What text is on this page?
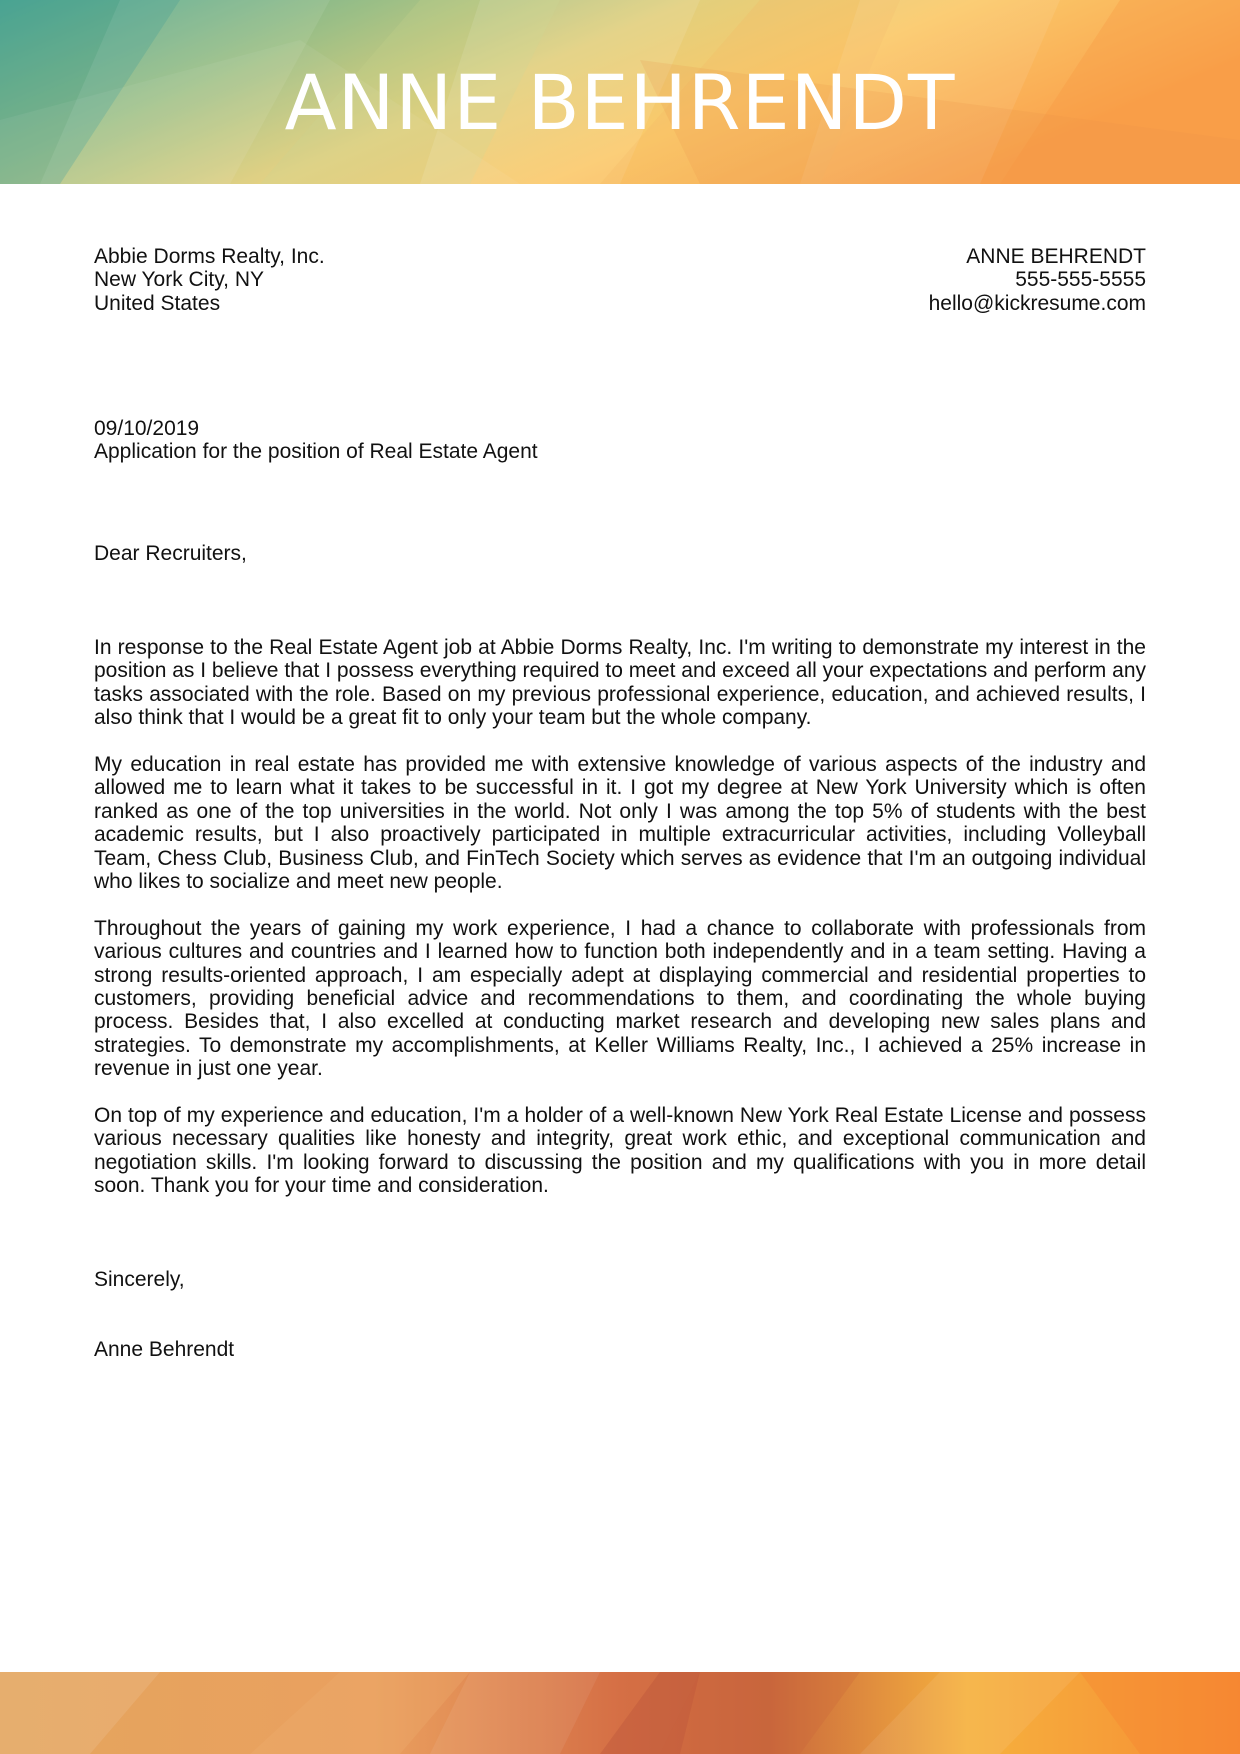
ANNE BEHRENDT
Abbie Dorms Realty, Inc.
New York City, NY
United States
ANNE BEHRENDT
555-555-5555
hello@kickresume.com
09/10/2019
Application for the position of Real Estate Agent
Dear Recruiters,

In response to the Real Estate Agent job at Abbie Dorms Realty, Inc. I'm writing to demonstrate my interest in the position as I believe that I possess everything required to meet and exceed all your expectations and perform any tasks associated with the role. Based on my previous professional experience, education, and achieved results, I also think that I would be a great fit to only your team but the whole company.

My education in real estate has provided me with extensive knowledge of various aspects of the industry and allowed me to learn what it takes to be successful in it. I got my degree at New York University which is often ranked as one of the top universities in the world. Not only I was among the top 5% of students with the best academic results, but I also proactively participated in multiple extracurricular activities, including Volleyball Team, Chess Club, Business Club, and FinTech Society which serves as evidence that I'm an outgoing individual who likes to socialize and meet new people.

Throughout the years of gaining my work experience, I had a chance to collaborate with professionals from various cultures and countries and I learned how to function both independently and in a team setting. Having a strong results-oriented approach, I am especially adept at displaying commercial and residential properties to customers, providing beneficial advice and recommendations to them, and coordinating the whole buying process. Besides that, I also excelled at conducting market research and developing new sales plans and strategies. To demonstrate my accomplishments, at Keller Williams Realty, Inc., I achieved a 25% increase in revenue in just one year.

On top of my experience and education, I'm a holder of a well-known New York Real Estate License and possess various necessary qualities like honesty and integrity, great work ethic, and exceptional communication and negotiation skills. I'm looking forward to discussing the position and my qualifications with you in more detail soon. Thank you for your time and consideration.

Sincerely,
Anne Behrendt
